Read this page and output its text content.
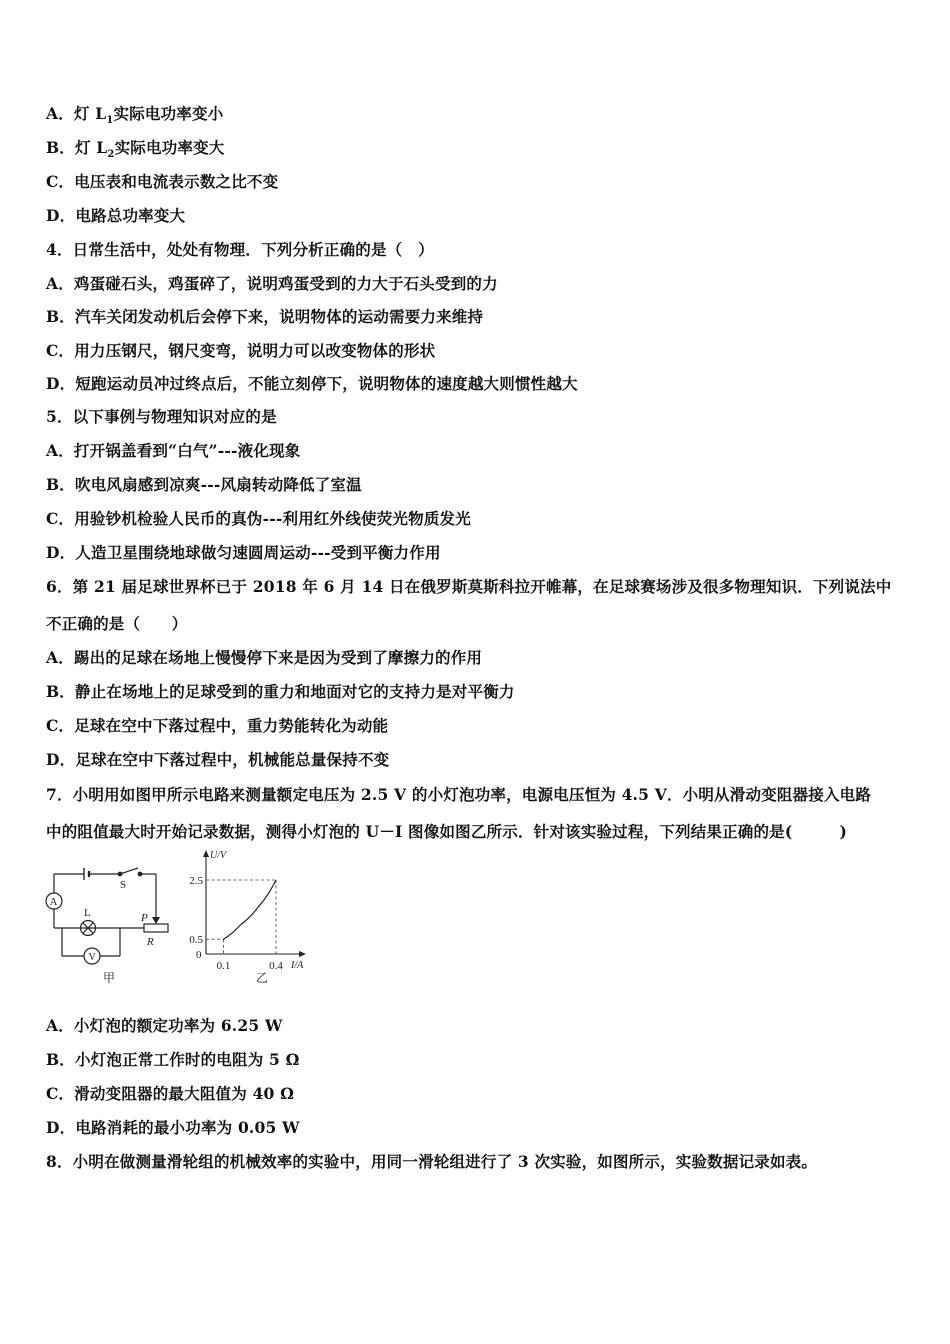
A．灯 $L_1$实际电功率变小
B．灯 $L_2$实际电功率变大
C．电压表和电流表示数之比不变
D．电路总功率变大
4．日常生活中，处处有物理．下列分析正确的是（　）
A．鸡蛋碰石头，鸡蛋碎了，说明鸡蛋受到的力大于石头受到的力
B．汽车关闭发动机后会停下来，说明物体的运动需要力来维持
C．用力压钢尺，钢尺变弯，说明力可以改变物体的形状
D．短跑运动员冲过终点后，不能立刻停下，说明物体的速度越大则惯性越大
5．以下事例与物理知识对应的是
A．打开锅盖看到“白气”---液化现象
B．吹电风扇感到凉爽---风扇转动降低了室温
C．用验钞机检验人民币的真伪---利用红外线使荧光物质发光
D．人造卫星围绕地球做匀速圆周运动---受到平衡力作用
6．第 21 届足球世界杯已于 2018 年 6 月 14 日在俄罗斯莫斯科拉开帷幕，在足球赛场涉及很多物理知识．下列说法中
不正确的是（　　）
A．踢出的足球在场地上慢慢停下来是因为受到了摩擦力的作用
B．静止在场地上的足球受到的重力和地面对它的支持力是对平衡力
C．足球在空中下落过程中，重力势能转化为动能
D．足球在空中下落过程中，机械能总量保持不变
7．小明用如图甲所示电路来测量额定电压为 2.5 V 的小灯泡功率，电源电压恒为 4.5 V．小明从滑动变阻器接入电路
中的阻值最大时开始记录数据，测得小灯泡的 U－I 图像如图乙所示．针对该实验过程，下列结果正确的是(　　　)
A
S
L
V
P
R
甲
U/V
I/A
0
2.5
0.5
0.1	0.4
乙
A．小灯泡的额定功率为 6.25 W
B．小灯泡正常工作时的电阻为 5 Ω
C．滑动变阻器的最大阻值为 40 Ω
D．电路消耗的最小功率为 0.05 W
8．小明在做测量滑轮组的机械效率的实验中，用同一滑轮组进行了 3 次实验，如图所示，实验数据记录如表。
